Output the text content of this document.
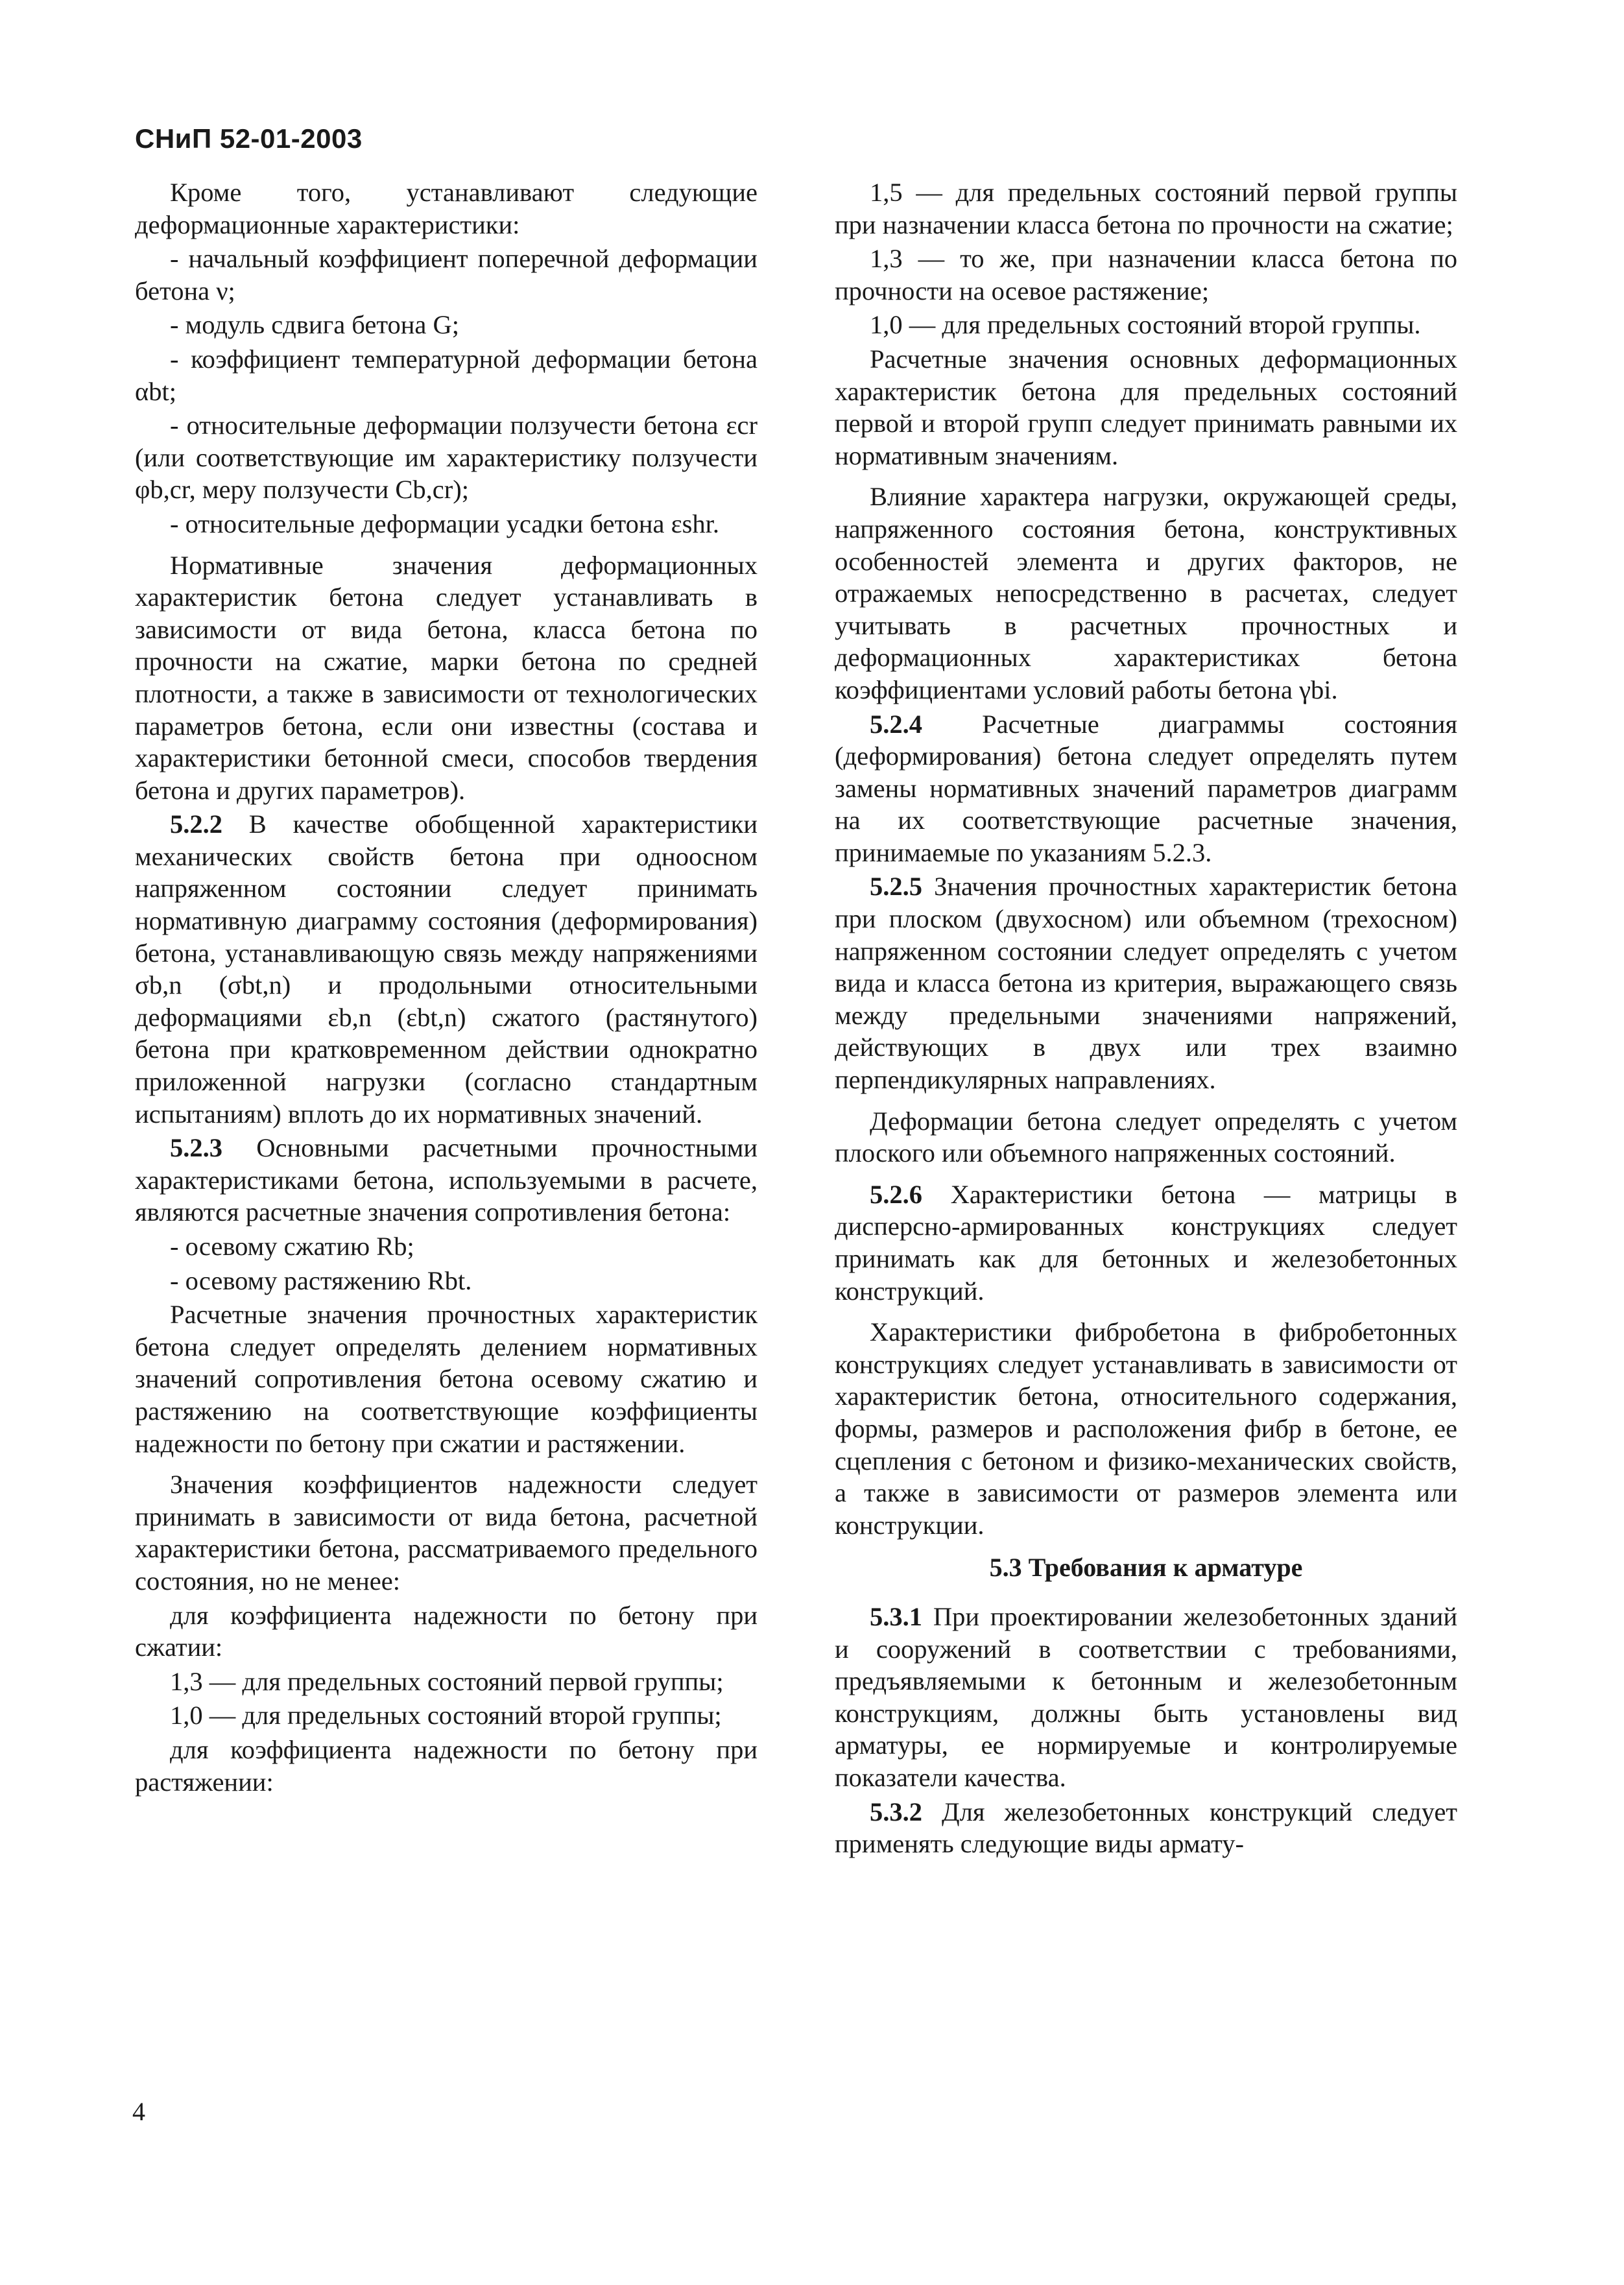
СНиП 52-01-2003

Кроме того, устанавливают следующие деформационные характеристики:

- начальный коэффициент поперечной деформации бетона ν;

- модуль сдвига бетона G;

- коэффициент температурной деформации бетона αbt;

- относительные деформации ползучести бетона εcr (или соответствующие им характеристику ползучести φb,cr, меру ползучести Cb,cr);

- относительные деформации усадки бетона εshr.

Нормативные значения деформационных характеристик бетона следует устанавливать в зависимости от вида бетона, класса бетона по прочности на сжатие, марки бетона по средней плотности, а также в зависимости от технологических параметров бетона, если они известны (состава и характеристики бетонной смеси, способов твердения бетона и других параметров).

5.2.2 В качестве обобщенной характеристики механических свойств бетона при одноосном напряженном состоянии следует принимать нормативную диаграмму состояния (деформирования) бетона, устанавливающую связь между напряжениями σb,n (σbt,n) и продольными относительными деформациями εb,n (εbt,n) сжатого (растянутого) бетона при кратковременном действии однократно приложенной нагрузки (согласно стандартным испытаниям) вплоть до их нормативных значений.

5.2.3 Основными расчетными прочностными характеристиками бетона, используемыми в расчете, являются расчетные значения сопротивления бетона:

- осевому сжатию Rb;

- осевому растяжению Rbt.

Расчетные значения прочностных характеристик бетона следует определять делением нормативных значений сопротивления бетона осевому сжатию и растяжению на соответствующие коэффициенты надежности по бетону при сжатии и растяжении.

Значения коэффициентов надежности следует принимать в зависимости от вида бетона, расчетной характеристики бетона, рассматриваемого предельного состояния, но не менее:

для коэффициента надежности по бетону при сжатии:

1,3 — для предельных состояний первой группы;

1,0 — для предельных состояний второй группы;

для коэффициента надежности по бетону при растяжении:

1,5 — для предельных состояний первой группы при назначении класса бетона по прочности на сжатие;

1,3 — то же, при назначении класса бетона по прочности на осевое растяжение;

1,0 — для предельных состояний второй группы.

Расчетные значения основных деформационных характеристик бетона для предельных состояний первой и второй групп следует принимать равными их нормативным значениям.

Влияние характера нагрузки, окружающей среды, напряженного состояния бетона, конструктивных особенностей элемента и других факторов, не отражаемых непосредственно в расчетах, следует учитывать в расчетных прочностных и деформационных характеристиках бетона коэффициентами условий работы бетона γbi.

5.2.4 Расчетные диаграммы состояния (деформирования) бетона следует определять путем замены нормативных значений параметров диаграмм на их соответствующие расчетные значения, принимаемые по указаниям 5.2.3.

5.2.5 Значения прочностных характеристик бетона при плоском (двухосном) или объемном (трехосном) напряженном состоянии следует определять с учетом вида и класса бетона из критерия, выражающего связь между предельными значениями напряжений, действующих в двух или трех взаимно перпендикулярных направлениях.

Деформации бетона следует определять с учетом плоского или объемного напряженных состояний.

5.2.6 Характеристики бетона — матрицы в дисперсно-армированных конструкциях следует принимать как для бетонных и железобетонных конструкций.

Характеристики фибробетона в фибробетонных конструкциях следует устанавливать в зависимости от характеристик бетона, относительного содержания, формы, размеров и расположения фибр в бетоне, ее сцепления с бетоном и физико-механических свойств, а также в зависимости от размеров элемента или конструкции.

5.3 Требования к арматуре

5.3.1 При проектировании железобетонных зданий и сооружений в соответствии с требованиями, предъявляемыми к бетонным и железобетонным конструкциям, должны быть установлены вид арматуры, ее нормируемые и контролируемые показатели качества.

5.3.2 Для железобетонных конструкций следует применять следующие виды армату-

4
